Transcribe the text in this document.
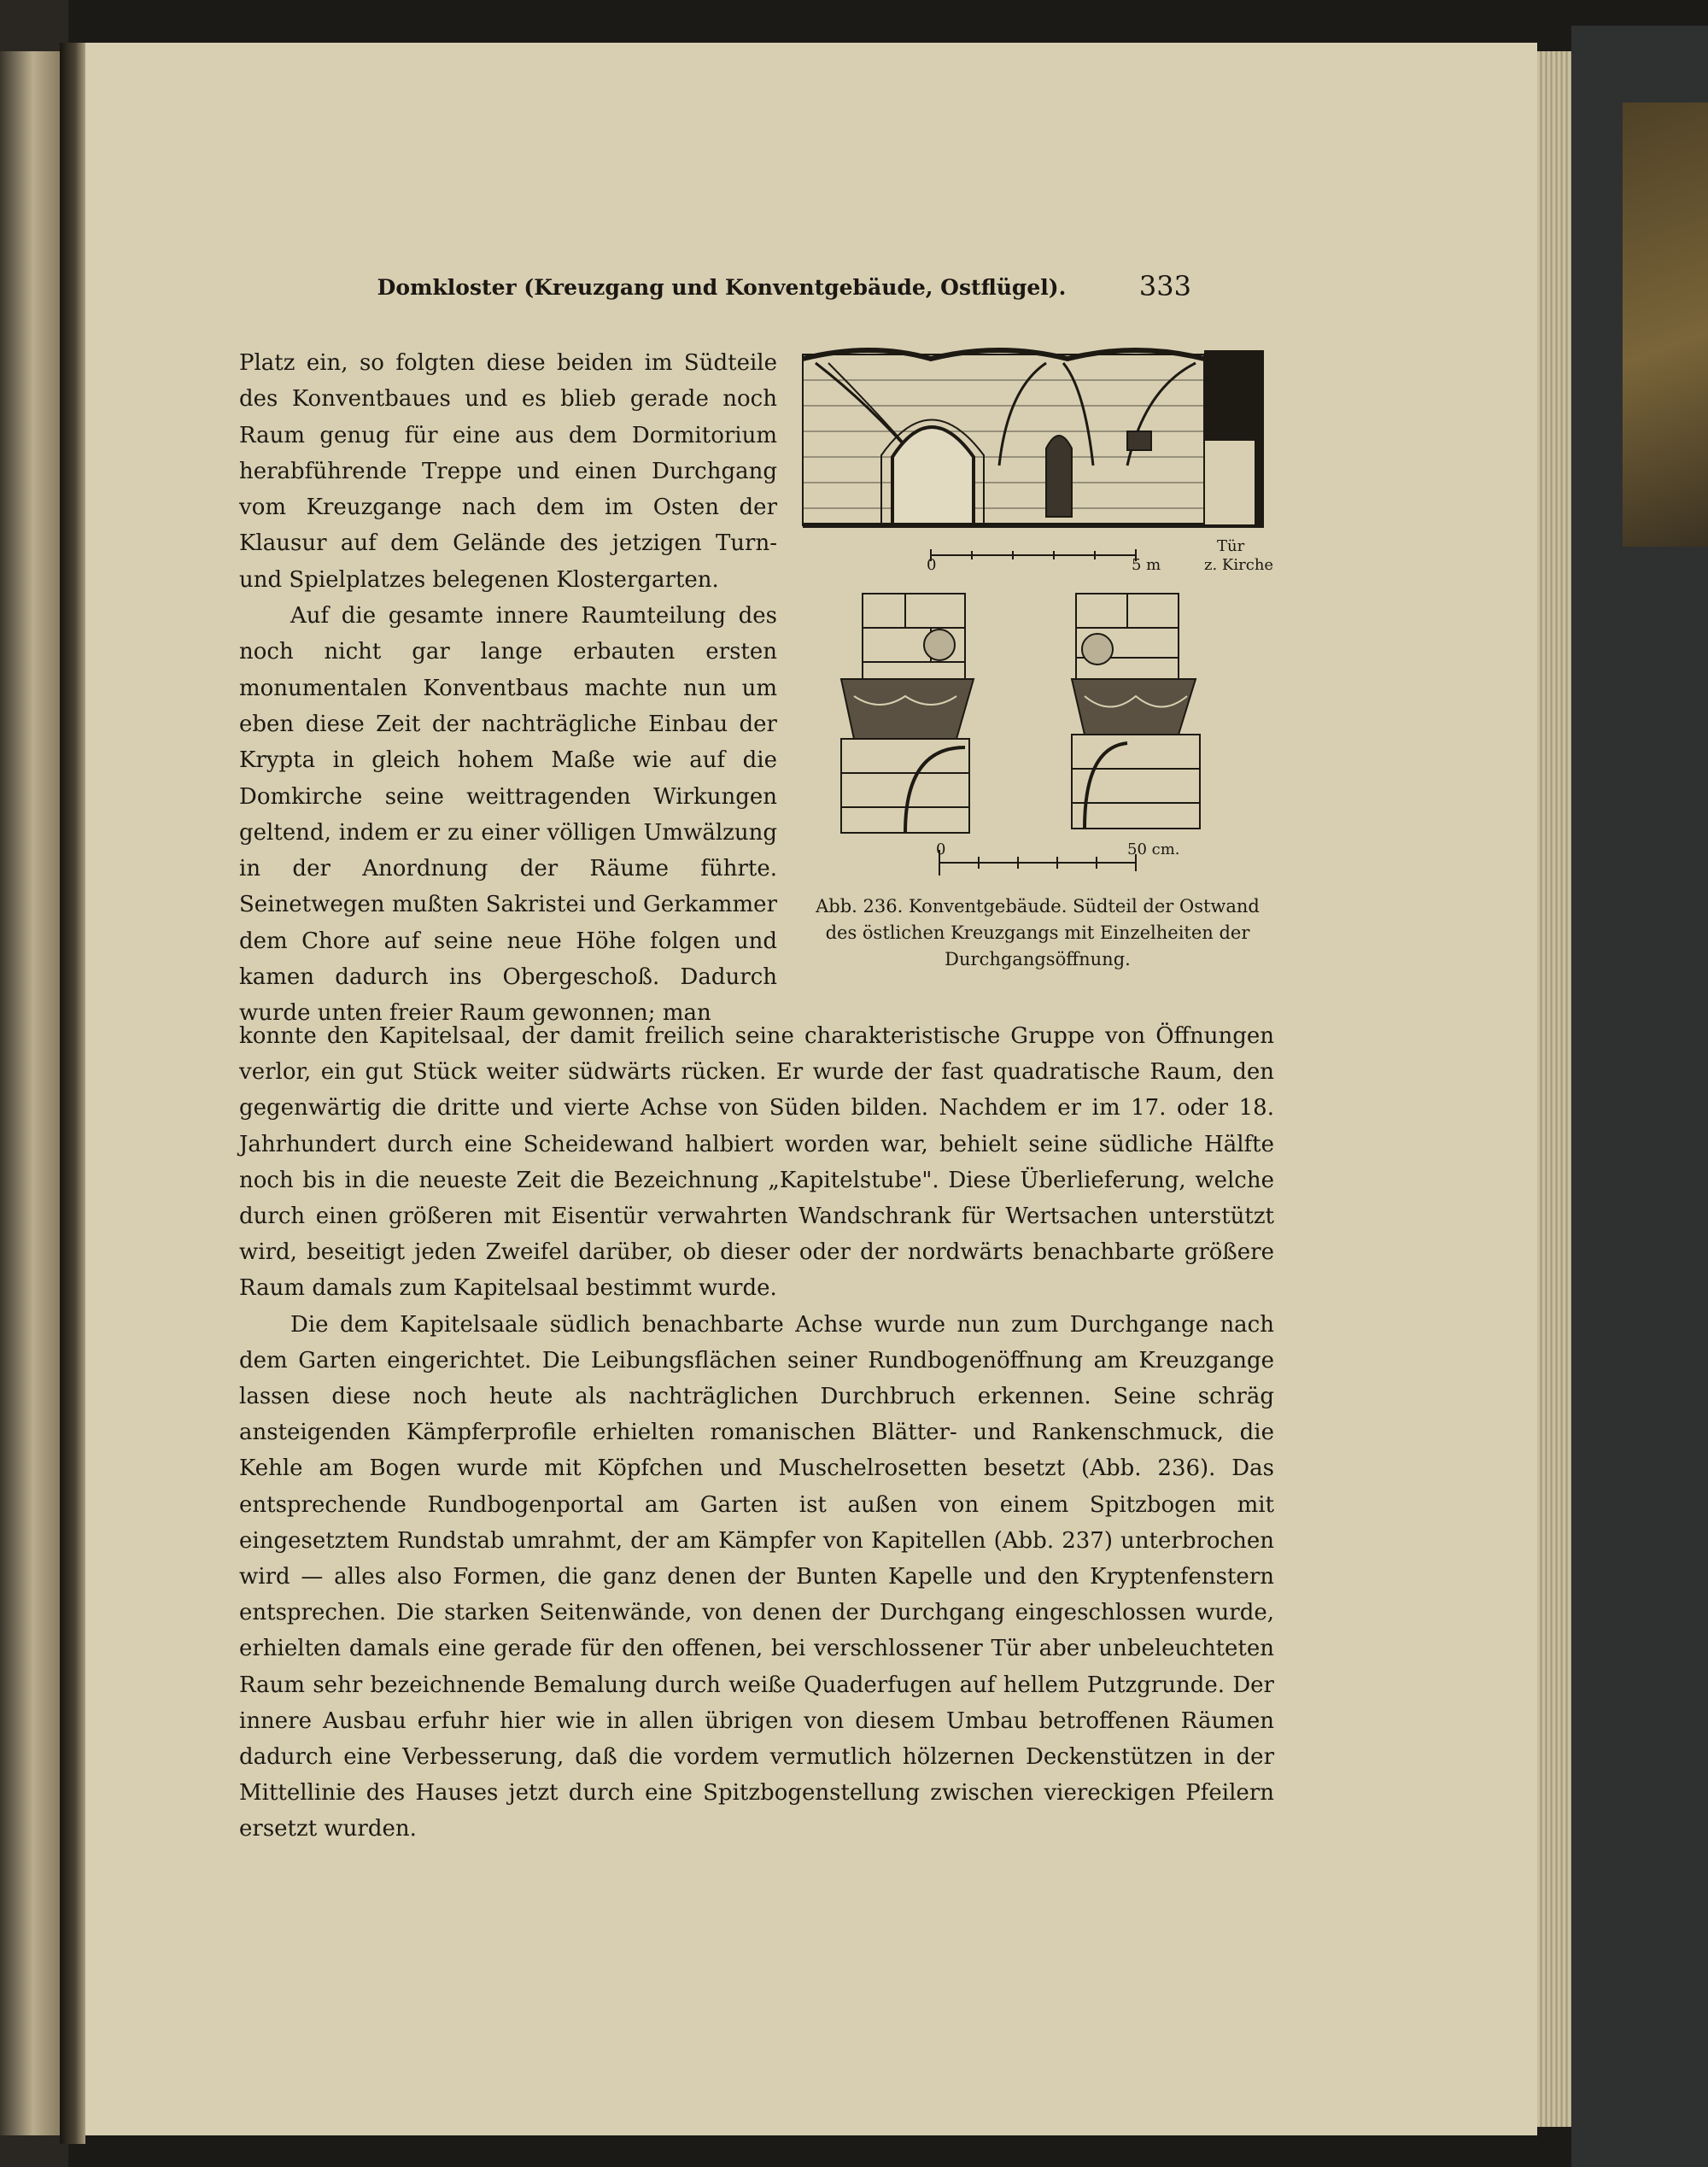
Domkloster (Kreuzgang und Konventgebäude, Ostflügel).	333

Platz ein, so folgten diese beiden im Südteile des Konventbaues und es blieb gerade noch Raum genug für eine aus dem Dormitorium herabführende Treppe und einen Durchgang vom Kreuzgange nach dem im Osten der Klausur auf dem Gelände des jetzigen Turn- und Spielplatzes belegenen Klostergarten.

Auf die gesamte innere Raumteilung des noch nicht gar lange erbauten ersten monumentalen Konventbaus machte nun um eben diese Zeit der nachträgliche Einbau der Krypta in gleich hohem Maße wie auf die Domkirche seine weittragenden Wirkungen geltend, indem er zu einer völligen Umwälzung in der Anordnung der Räume führte. Seinetwegen mußten Sakristei und Gerkammer dem Chore auf seine neue Höhe folgen und kamen dadurch ins Obergeschoß. Dadurch wurde unten freier Raum gewonnen; man

0	5 m
Tür
z. Kirche
0	50 cm.
Abb. 236. Konventgebäude. Südteil der Ostwand des östlichen Kreuzgangs mit Einzelheiten der Durchgangsöffnung.

konnte den Kapitelsaal, der damit freilich seine charakteristische Gruppe von Öffnungen verlor, ein gut Stück weiter südwärts rücken. Er wurde der fast quadratische Raum, den gegenwärtig die dritte und vierte Achse von Süden bilden. Nachdem er im 17. oder 18. Jahrhundert durch eine Scheidewand halbiert worden war, behielt seine südliche Hälfte noch bis in die neueste Zeit die Bezeichnung „Kapitelstube". Diese Überlieferung, welche durch einen größeren mit Eisentür verwahrten Wandschrank für Wertsachen unterstützt wird, beseitigt jeden Zweifel darüber, ob dieser oder der nordwärts benachbarte größere Raum damals zum Kapitelsaal bestimmt wurde.

Die dem Kapitelsaale südlich benachbarte Achse wurde nun zum Durchgange nach dem Garten eingerichtet. Die Leibungsflächen seiner Rundbogenöffnung am Kreuzgange lassen diese noch heute als nachträglichen Durchbruch erkennen. Seine schräg ansteigenden Kämpferprofile erhielten romanischen Blätter- und Rankenschmuck, die Kehle am Bogen wurde mit Köpfchen und Muschelrosetten besetzt (Abb. 236). Das entsprechende Rundbogenportal am Garten ist außen von einem Spitzbogen mit eingesetztem Rundstab umrahmt, der am Kämpfer von Kapitellen (Abb. 237) unterbrochen wird — alles also Formen, die ganz denen der Bunten Kapelle und den Kryptenfenstern entsprechen. Die starken Seitenwände, von denen der Durchgang eingeschlossen wurde, erhielten damals eine gerade für den offenen, bei verschlossener Tür aber unbeleuchteten Raum sehr bezeichnende Bemalung durch weiße Quaderfugen auf hellem Putzgrunde. Der innere Ausbau erfuhr hier wie in allen übrigen von diesem Umbau betroffenen Räumen dadurch eine Verbesserung, daß die vordem vermutlich hölzernen Deckenstützen in der Mittellinie des Hauses jetzt durch eine Spitzbogenstellung zwischen viereckigen Pfeilern ersetzt wurden.
